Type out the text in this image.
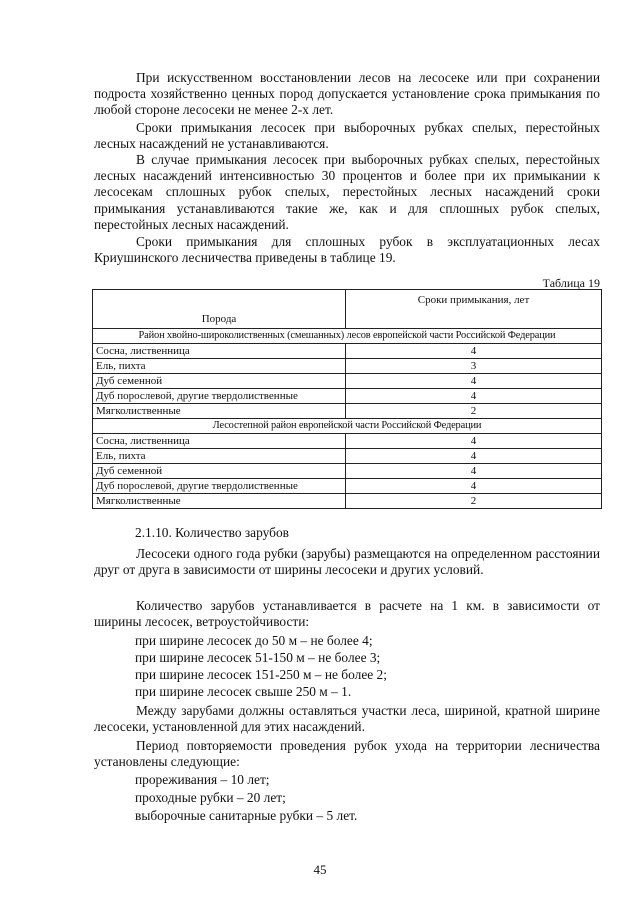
При искусственном восстановлении лесов на лесосеке или при сохранении подроста хозяйственно ценных пород допускается установление срока примыкания по любой стороне лесосеки не менее 2-х лет.

Сроки примыкания лесосек при выборочных рубках спелых, перестойных лесных насаждений не устанавливаются.

В случае примыкания лесосек при выборочных рубках спелых, перестойных лесных насаждений интенсивностью 30 процентов и более при их примыкании к лесосекам сплошных рубок спелых, перестойных лесных насаждений сроки примыкания устанавливаются такие же, как и для сплошных рубок спелых, перестойных лесных насаждений.

Сроки примыкания для сплошных рубок в эксплуатационных лесах Криушинского лесничества приведены в таблице 19.

Таблица 19
Порода	Сроки примыкания, лет
Район хвойно-широколиственных (смешанных) лесов европейской части Российской Федерации	
Сосна, лиственница	4
Ель, пихта	3
Дуб семенной	4
Дуб порослевой, другие твердолиственные	4
Мягколиственные	2
Лесостепной район европейской части Российской Федерации	
Сосна, лиственница	4
Ель, пихта	4
Дуб семенной	4
Дуб порослевой, другие твердолиственные	4
Мягколиственные	2
2.1.10. Количество зарубов

Лесосеки одного года рубки (зарубы) размещаются на определенном расстоянии друг от друга в зависимости от ширины лесосеки и других условий.

Количество зарубов устанавливается в расчете на 1 км. в зависимости от ширины лесосек, ветроустойчивости:

при ширине лесосек до 50 м – не более 4;
при ширине лесосек 51-150 м – не более 3;
при ширине лесосек 151-250 м – не более 2;
при ширине лесосек свыше 250 м – 1.

Между зарубами должны оставляться участки леса, шириной, кратной ширине лесосеки, установленной для этих насаждений.

Период повторяемости проведения рубок ухода на территории лесничества установлены следующие:

прореживания – 10 лет;
проходные рубки – 20 лет;
выборочные санитарные рубки – 5 лет.
45
